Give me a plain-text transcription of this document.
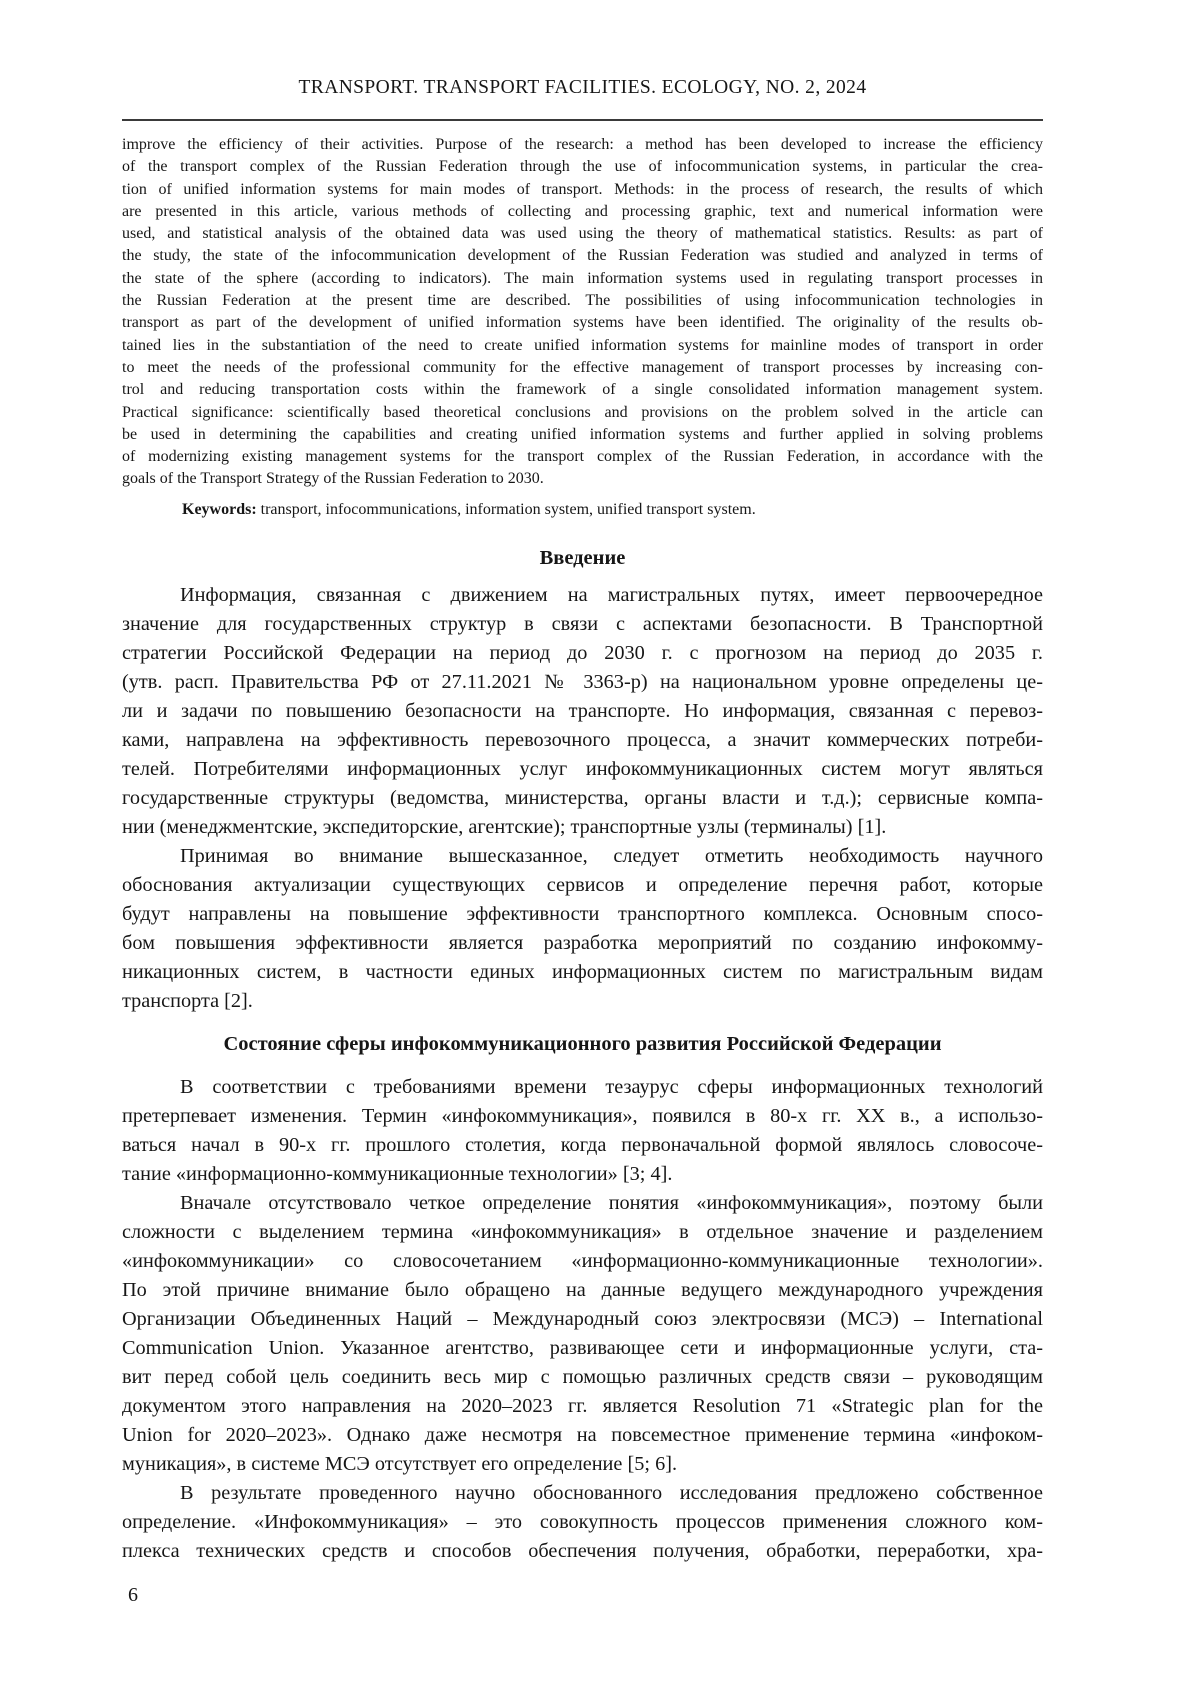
TRANSPORT. TRANSPORT FACILITIES. ECOLOGY, NO. 2, 2024
improve the efficiency of their activities. Purpose of the research: a method has been developed to increase the efficiency
of the transport complex of the Russian Federation through the use of infocommunication systems, in particular the crea-
tion of unified information systems for main modes of transport. Methods: in the process of research, the results of which
are presented in this article, various methods of collecting and processing graphic, text and numerical information were
used, and statistical analysis of the obtained data was used using the theory of mathematical statistics. Results: as part of
the study, the state of the infocommunication development of the Russian Federation was studied and analyzed in terms of
the state of the sphere (according to indicators). The main information systems used in regulating transport processes in
the Russian Federation at the present time are described. The possibilities of using infocommunication technologies in
transport as part of the development of unified information systems have been identified. The originality of the results ob-
tained lies in the substantiation of the need to create unified information systems for mainline modes of transport in order
to meet the needs of the professional community for the effective management of transport processes by increasing con-
trol and reducing transportation costs within the framework of a single consolidated information management system.
Practical significance: scientifically based theoretical conclusions and provisions on the problem solved in the article can
be used in determining the capabilities and creating unified information systems and further applied in solving problems
of modernizing existing management systems for the transport complex of the Russian Federation, in accordance with the
goals of the Transport Strategy of the Russian Federation to 2030.
Keywords: transport, infocommunications, information system, unified transport system.
Введение
Информация, связанная с движением на магистральных путях, имеет первоочередное
значение для государственных структур в связи с аспектами безопасности. В Транспортной
стратегии Российской Федерации на период до 2030 г. с прогнозом на период до 2035 г.
(утв. расп. Правительства РФ от 27.11.2021 № 3363-р) на национальном уровне определены це-
ли и задачи по повышению безопасности на транспорте. Но информация, связанная с перевоз-
ками, направлена на эффективность перевозочного процесса, а значит коммерческих потреби-
телей. Потребителями информационных услуг инфокоммуникационных систем могут являться
государственные структуры (ведомства, министерства, органы власти и т.д.); сервисные компа-
нии (менеджментские, экспедиторские, агентские); транспортные узлы (терминалы) [1].
Принимая во внимание вышесказанное, следует отметить необходимость научного
обоснования актуализации существующих сервисов и определение перечня работ, которые
будут направлены на повышение эффективности транспортного комплекса. Основным спосо-
бом повышения эффективности является разработка мероприятий по созданию инфокомму-
никационных систем, в частности единых информационных систем по магистральным видам
транспорта [2].
Состояние сферы инфокоммуникационного развития Российской Федерации
В соответствии с требованиями времени тезаурус сферы информационных технологий
претерпевает изменения. Термин «инфокоммуникация», появился в 80-х гг. XX в., а использо-
ваться начал в 90-х гг. прошлого столетия, когда первоначальной формой являлось словосоче-
тание «информационно-коммуникационные технологии» [3; 4].
Вначале отсутствовало четкое определение понятия «инфокоммуникация», поэтому были
сложности с выделением термина «инфокоммуникация» в отдельное значение и разделением
«инфокоммуникации» со словосочетанием «информационно-коммуникационные технологии».
По этой причине внимание было обращено на данные ведущего международного учреждения
Организации Объединенных Наций – Международный союз электросвязи (МСЭ) – International
Communication Union. Указанное агентство, развивающее сети и информационные услуги, ста-
вит перед собой цель соединить весь мир с помощью различных средств связи – руководящим
документом этого направления на 2020–2023 гг. является Resolution 71 «Strategic plan for the
Union for 2020–2023». Однако даже несмотря на повсеместное применение термина «инфоком-
муникация», в системе МСЭ отсутствует его определение [5; 6].
В результате проведенного научно обоснованного исследования предложено собственное
определение. «Инфокоммуникация» – это совокупность процессов применения сложного ком-
плекса технических средств и способов обеспечения получения, обработки, переработки, хра-
6
